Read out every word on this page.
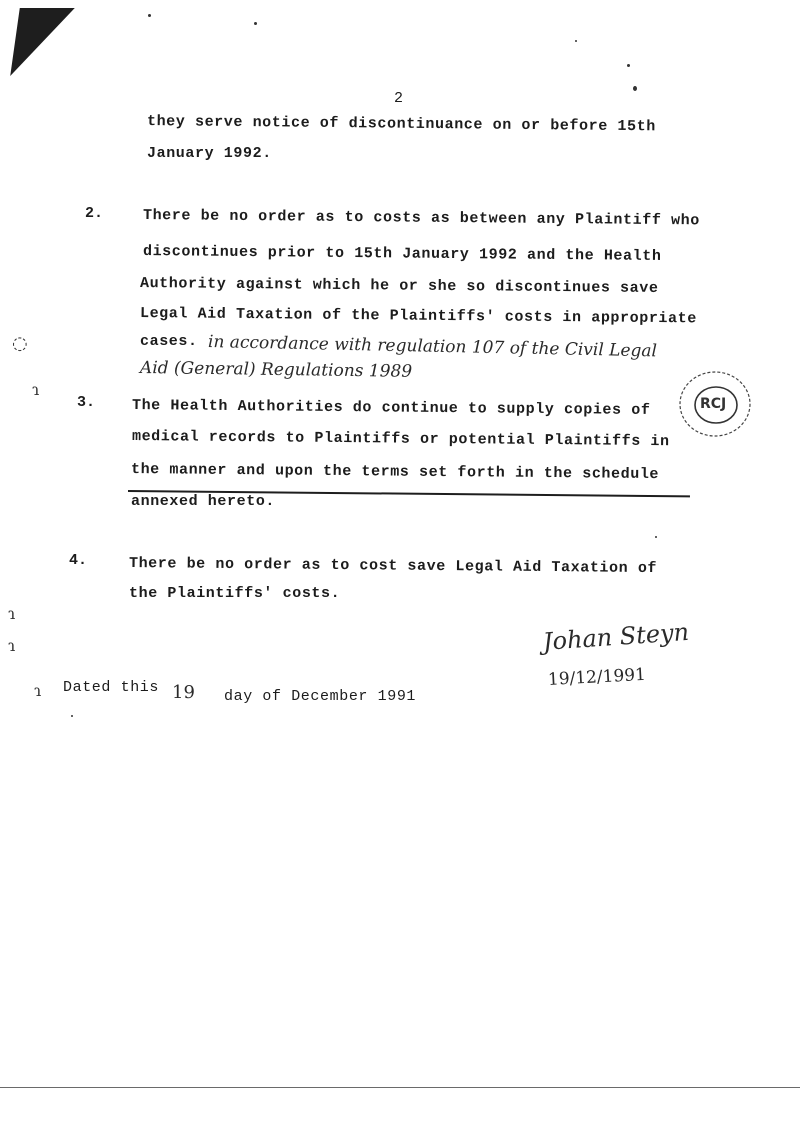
2
they serve notice of discontinuance on or before 15th
January 1992.
2.	There be no order as to costs as between any Plaintiff who
discontinues prior to 15th January 1992 and the Health
Authority against which he or she so discontinues save
Legal Aid Taxation of the Plaintiffs' costs in appropriate
cases. in accordance with regulation 107 of the Civil Legal
Aid (General) Regulations 1989
3. The Health Authorities do continue to supply copies of
medical records to Plaintiffs or potential Plaintiffs in
the manner and upon the terms set forth in the schedule
annexed hereto.
4.	There be no order as to cost save Legal Aid Taxation of
the Plaintiffs' costs.
Dated this 19 day of December 1991
Johan Steyn
19/12/1991
RCJ
◌
ɿ
ɿ
ɿ
ɿ
